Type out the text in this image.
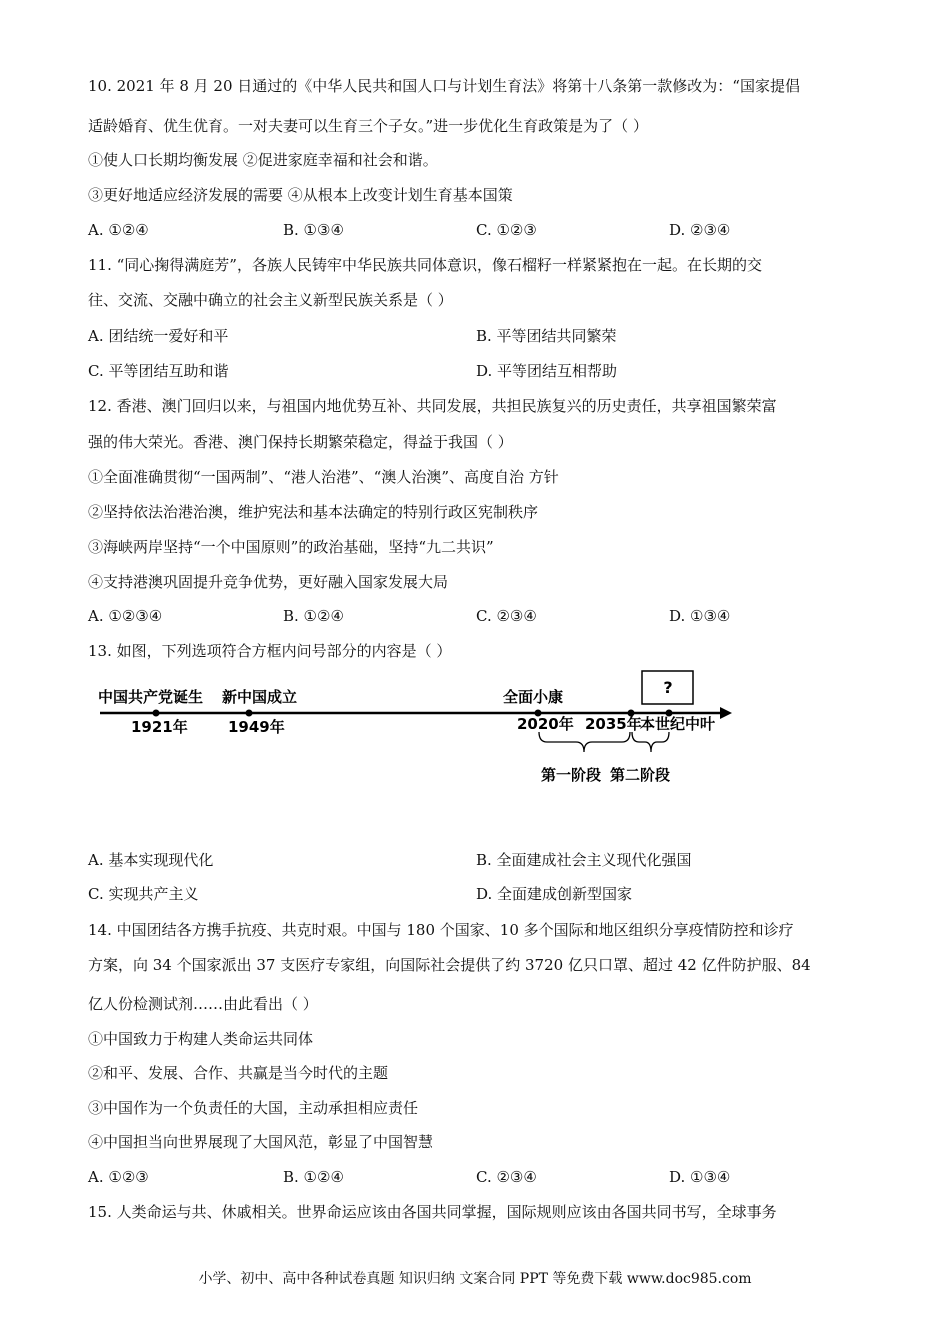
10. 2021 年 8 月 20 日通过的《中华人民共和国人口与计划生育法》将第十八条第一款修改为：“国家提倡
适龄婚育、优生优育。一对夫妻可以生育三个子女。”进一步优化生育政策是为了（ ）
①使人口长期均衡发展 ②促进家庭幸福和社会和谐。
③更好地适应经济发展的需要 ④从根本上改变计划生育基本国策
A. ①②④	B. ①③④	C. ①②③	D. ②③④
11. “同心掬得满庭芳”，各族人民铸牢中华民族共同体意识，像石榴籽一样紧紧抱在一起。在长期的交
往、交流、交融中确立的社会主义新型民族关系是（ ）
A. 团结统一爱好和平	B. 平等团结共同繁荣
C. 平等团结互助和谐	D. 平等团结互相帮助
12. 香港、澳门回归以来，与祖国内地优势互补、共同发展，共担民族复兴的历史责任，共享祖国繁荣富
强的伟大荣光。香港、澳门保持长期繁荣稳定，得益于我国（ ）
①全面准确贯彻“一国两制”、“港人治港”、“澳人治澳”、高度自治 方针
②坚持依法治港治澳，维护宪法和基本法确定的特别行政区宪制秩序
③海峡两岸坚持“一个中国原则”的政治基础，坚持“九二共识”
④支持港澳巩固提升竞争优势，更好融入国家发展大局
A. ①②③④	B. ①②④	C. ②③④	D. ①③④
13. 如图，下列选项符合方框内问号部分的内容是（ ）
中国共产党诞生
1921年
新中国成立
1949年
全面小康
2020年 2035年
本世纪中叶
?
第一阶段 第二阶段
A. 基本实现现代化	B. 全面建成社会主义现代化强国
C. 实现共产主义	D. 全面建成创新型国家
14. 中国团结各方携手抗疫、共克时艰。中国与 180 个国家、10 多个国际和地区组织分享疫情防控和诊疗
方案，向 34 个国家派出 37 支医疗专家组，向国际社会提供了约 3720 亿只口罩、超过 42 亿件防护服、84
亿人份检测试剂……由此看出（ ）
①中国致力于构建人类命运共同体
②和平、发展、合作、共赢是当今时代的主题
③中国作为一个负责任的大国，主动承担相应责任
④中国担当向世界展现了大国风范，彰显了中国智慧
A. ①②③	B. ①②④	C. ②③④	D. ①③④
15. 人类命运与共、休戚相关。世界命运应该由各国共同掌握，国际规则应该由各国共同书写，全球事务
小学、初中、高中各种试卷真题 知识归纳 文案合同 PPT 等免费下载 www.doc985.com
